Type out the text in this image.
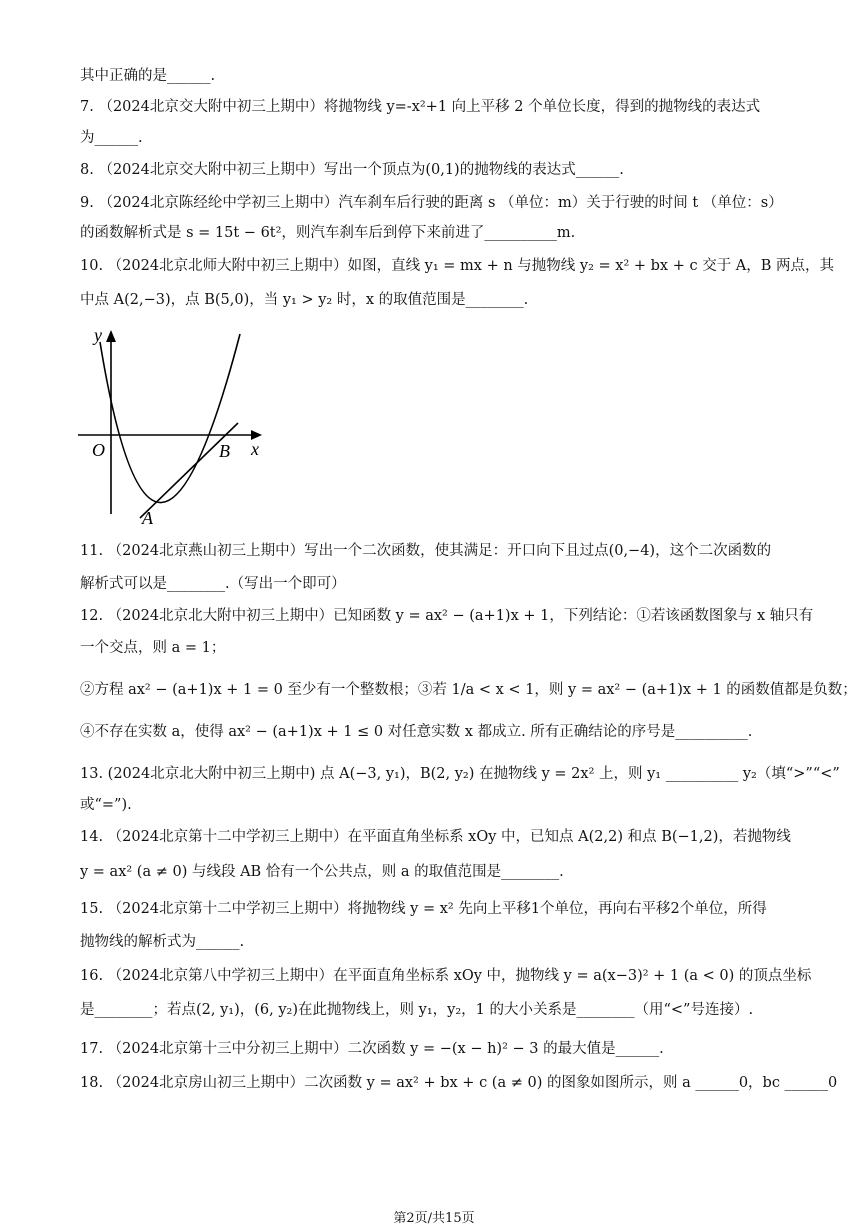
其中正确的是______.
7. （2024北京交大附中初三上期中）将抛物线 y=-x²+1 向上平移 2 个单位长度，得到的抛物线的表达式
为______.
8. （2024北京交大附中初三上期中）写出一个顶点为(0,1)的抛物线的表达式______.
9. （2024北京陈经纶中学初三上期中）汽车刹车后行驶的距离 s （单位：m）关于行驶的时间 t （单位：s）
的函数解析式是 s = 15t − 6t²，则汽车刹车后到停下来前进了__________m.
10. （2024北京北师大附中初三上期中）如图，直线 y₁ = mx + n 与抛物线 y₂ = x² + bx + c 交于 A，B 两点，其
中点 A(2,−3)，点 B(5,0)，当 y₁ > y₂ 时，x 的取值范围是________.
y
x
O	B
A
11. （2024北京燕山初三上期中）写出一个二次函数，使其满足：开口向下且过点(0,−4)，这个二次函数的
解析式可以是________.（写出一个即可）
12. （2024北京北大附中初三上期中）已知函数 y = ax² − (a+1)x + 1，下列结论：①若该函数图象与 x 轴只有
一个交点，则 a = 1；
②方程 ax² − (a+1)x + 1 = 0 至少有一个整数根；③若 1/a < x < 1，则 y = ax² − (a+1)x + 1 的函数值都是负数；
④不存在实数 a，使得 ax² − (a+1)x + 1 ≤ 0 对任意实数 x 都成立. 所有正确结论的序号是__________.
13. (2024北京北大附中初三上期中) 点 A(−3, y₁)，B(2, y₂) 在抛物线 y = 2x² 上，则 y₁ __________ y₂（填“>”“<”
或“=”).
14. （2024北京第十二中学初三上期中）在平面直角坐标系 xOy 中，已知点 A(2,2) 和点 B(−1,2)，若抛物线
y = ax² (a ≠ 0) 与线段 AB 恰有一个公共点，则 a 的取值范围是________.
15. （2024北京第十二中学初三上期中）将抛物线 y = x² 先向上平移1个单位，再向右平移2个单位，所得
抛物线的解析式为______.
16. （2024北京第八中学初三上期中）在平面直角坐标系 xOy 中，抛物线 y = a(x−3)² + 1 (a < 0) 的顶点坐标
是________；若点(2, y₁)，(6, y₂)在此抛物线上，则 y₁，y₂，1 的大小关系是________（用“<”号连接）.
17. （2024北京第十三中分初三上期中）二次函数 y = −(x − h)² − 3 的最大值是______.
18. （2024北京房山初三上期中）二次函数 y = ax² + bx + c (a ≠ 0) 的图象如图所示，则 a ______0，bc ______0
第2页/共15页
